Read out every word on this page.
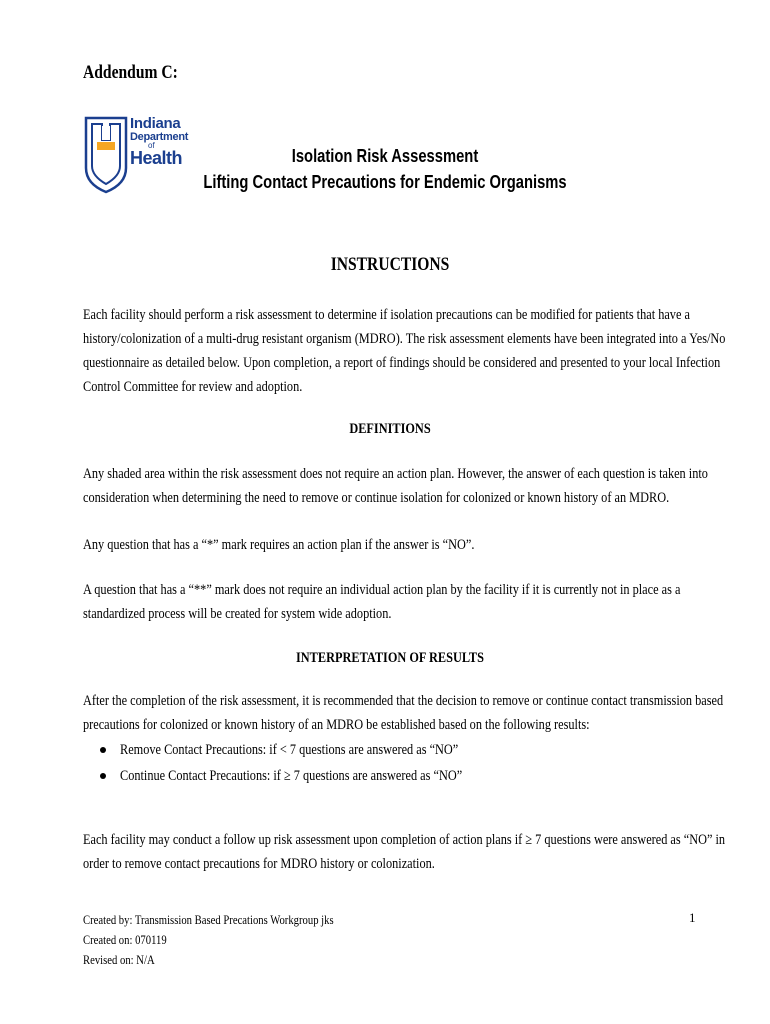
Addendum C:
Indiana
Department
of
Health	Isolation Risk Assessment
Lifting Contact Precautions for Endemic Organisms
INSTRUCTIONS
Each facility should perform a risk assessment to determine if isolation precautions can be modified for patients that have a
history/colonization of a multi-drug resistant organism (MDRO). The risk assessment elements have been integrated into a Yes/No
questionnaire as detailed below. Upon completion, a report of findings should be considered and presented to your local Infection
Control Committee for review and adoption.
DEFINITIONS
Any shaded area within the risk assessment does not require an action plan. However, the answer of each question is taken into
consideration when determining the need to remove or continue isolation for colonized or known history of an MDRO.
Any question that has a “*” mark requires an action plan if the answer is “NO”.
A question that has a “**” mark does not require an individual action plan by the facility if it is currently not in place as a
standardized process will be created for system wide adoption.
INTERPRETATION OF RESULTS
After the completion of the risk assessment, it is recommended that the decision to remove or continue contact transmission based
precautions for colonized or known history of an MDRO be established based on the following results:
Remove Contact Precautions: if < 7 questions are answered as “NO”
Continue Contact Precautions: if ≥ 7 questions are answered as “NO”
Each facility may conduct a follow up risk assessment upon completion of action plans if ≥ 7 questions were answered as “NO” in
order to remove contact precautions for MDRO history or colonization.
Created by: Transmission Based Precations Workgroup jks
Created on: 070119
Revised on: N/A
1
